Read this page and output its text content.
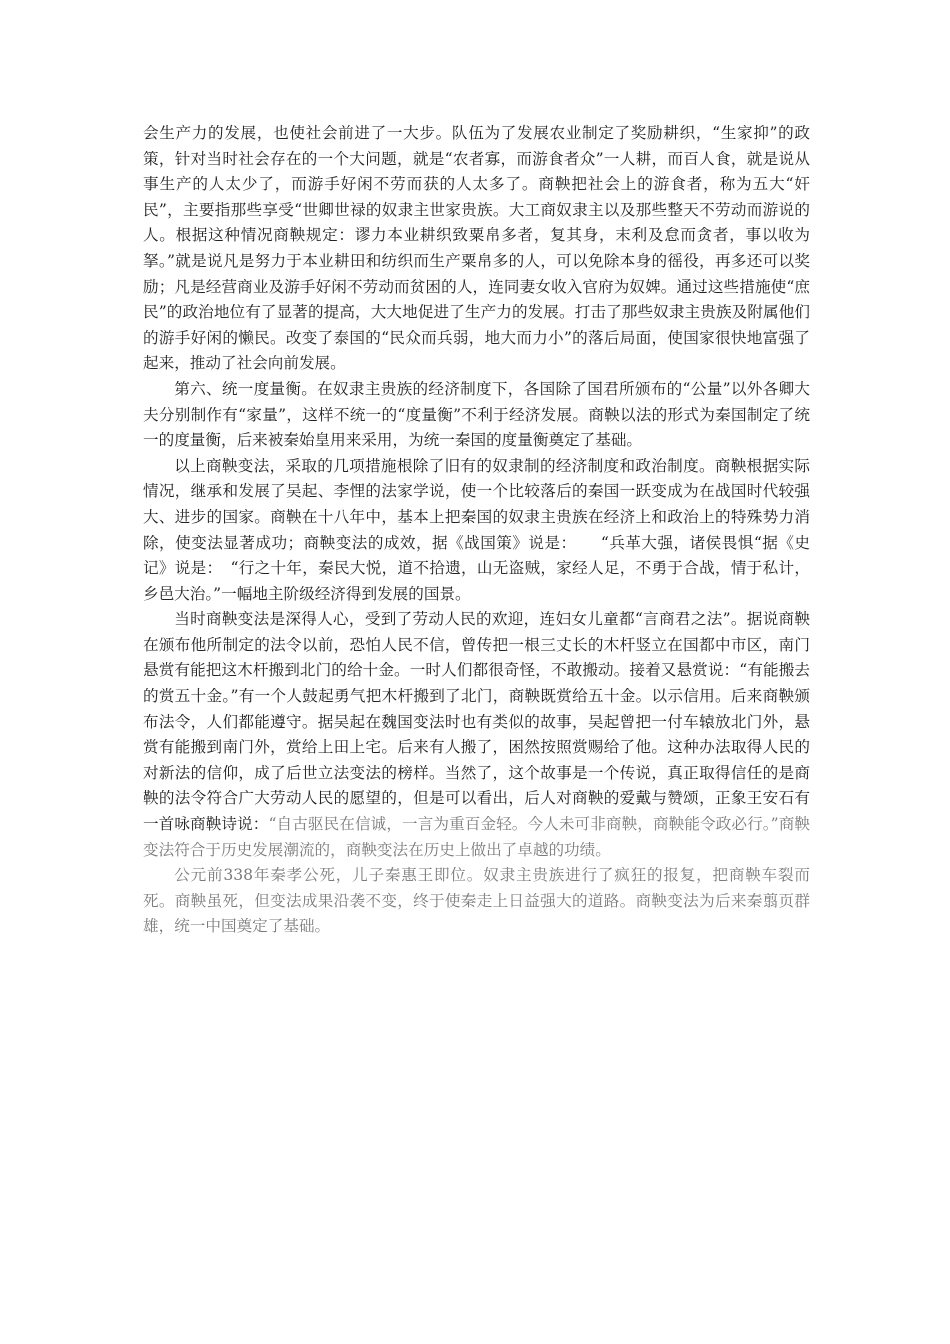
会生产力的发展，也使社会前进了一大步。队伍为了发展农业制定了奖励耕织，“生家抑”的政策，针对当时社会存在的一个大问题，就是“农者寡，而游食者众”一人耕，而百人食，就是说从事生产的人太少了，而游手好闲不劳而获的人太多了。商鞅把社会上的游食者，称为五大“奸民”，主要指那些享受“世卿世禄的奴隶主世家贵族。大工商奴隶主以及那些整天不劳动而游说的人。根据这种情况商鞅规定：谬力本业耕织致粟帛多者，复其身，末利及怠而贪者，事以收为拏。”就是说凡是努力于本业耕田和纺织而生产粟帛多的人，可以免除本身的徭役，再多还可以奖励；凡是经营商业及游手好闲不劳动而贫困的人，连同妻女收入官府为奴婢。通过这些措施使“庶民”的政治地位有了显著的提高，大大地促进了生产力的发展。打击了那些奴隶主贵族及附属他们的游手好闲的懒民。改变了泰国的“民众而兵弱，地大而力小”的落后局面，使国家很快地富强了起来，推动了社会向前发展。

第六、统一度量衡。在奴隶主贵族的经济制度下，各国除了国君所颁布的“公量”以外各卿大夫分别制作有“家量”，这样不统一的“度量衡”不利于经济发展。商鞅以法的形式为秦国制定了统一的度量衡，后来被秦始皇用来采用，为统一秦国的度量衡奠定了基础。

以上商鞅变法，采取的几项措施根除了旧有的奴隶制的经济制度和政治制度。商鞅根据实际情况，继承和发展了吴起、李悝的法家学说，使一个比较落后的秦国一跃变成为在战国时代较强大、进步的国家。商鞅在十八年中，基本上把秦国的奴隶主贵族在经济上和政治上的特殊势力消除，使变法显著成功；商鞅变法的成效，据《战国策》说是：　　“兵革大强，诸侯畏惧“据《史记》说是：　“行之十年，秦民大悦，道不拾遗，山无盗贼，家经人足，不勇于合战，情于私计，乡邑大治。”一幅地主阶级经济得到发展的国景。

当时商鞅变法是深得人心，受到了劳动人民的欢迎，连妇女儿童都“言商君之法”。据说商鞅在颁布他所制定的法令以前，恐怕人民不信，曾传把一根三丈长的木杆竖立在国都中市区，南门悬赏有能把这木杆搬到北门的给十金。一时人们都很奇怪，不敢搬动。接着又悬赏说：“有能搬去的赏五十金。”有一个人鼓起勇气把木杆搬到了北门，商鞅既赏给五十金。以示信用。后来商鞅颁布法令，人们都能遵守。据吴起在魏国变法时也有类似的故事，吴起曾把一付车辕放北门外，悬赏有能搬到南门外，赏给上田上宅。后来有人搬了，困然按照赏赐给了他。这种办法取得人民的对新法的信仰，成了后世立法变法的榜样。当然了，这个故事是一个传说，真正取得信任的是商鞅的法令符合广大劳动人民的愿望的，但是可以看出，后人对商鞅的爱戴与赞颂，正象王安石有一首咏商鞅诗说：“自古驱民在信诚，一言为重百金轻。今人未可非商鞅，商鞅能令政必行。”商鞅变法符合于历史发展潮流的，商鞅变法在历史上做出了卓越的功绩。

公元前338年秦孝公死，儿子秦惠王即位。奴隶主贵族进行了疯狂的报复，把商鞅车裂而死。商鞅虽死，但变法成果沿袭不变，终于使秦走上日益强大的道路。商鞅变法为后来秦翦页群雄，统一中国奠定了基础。
